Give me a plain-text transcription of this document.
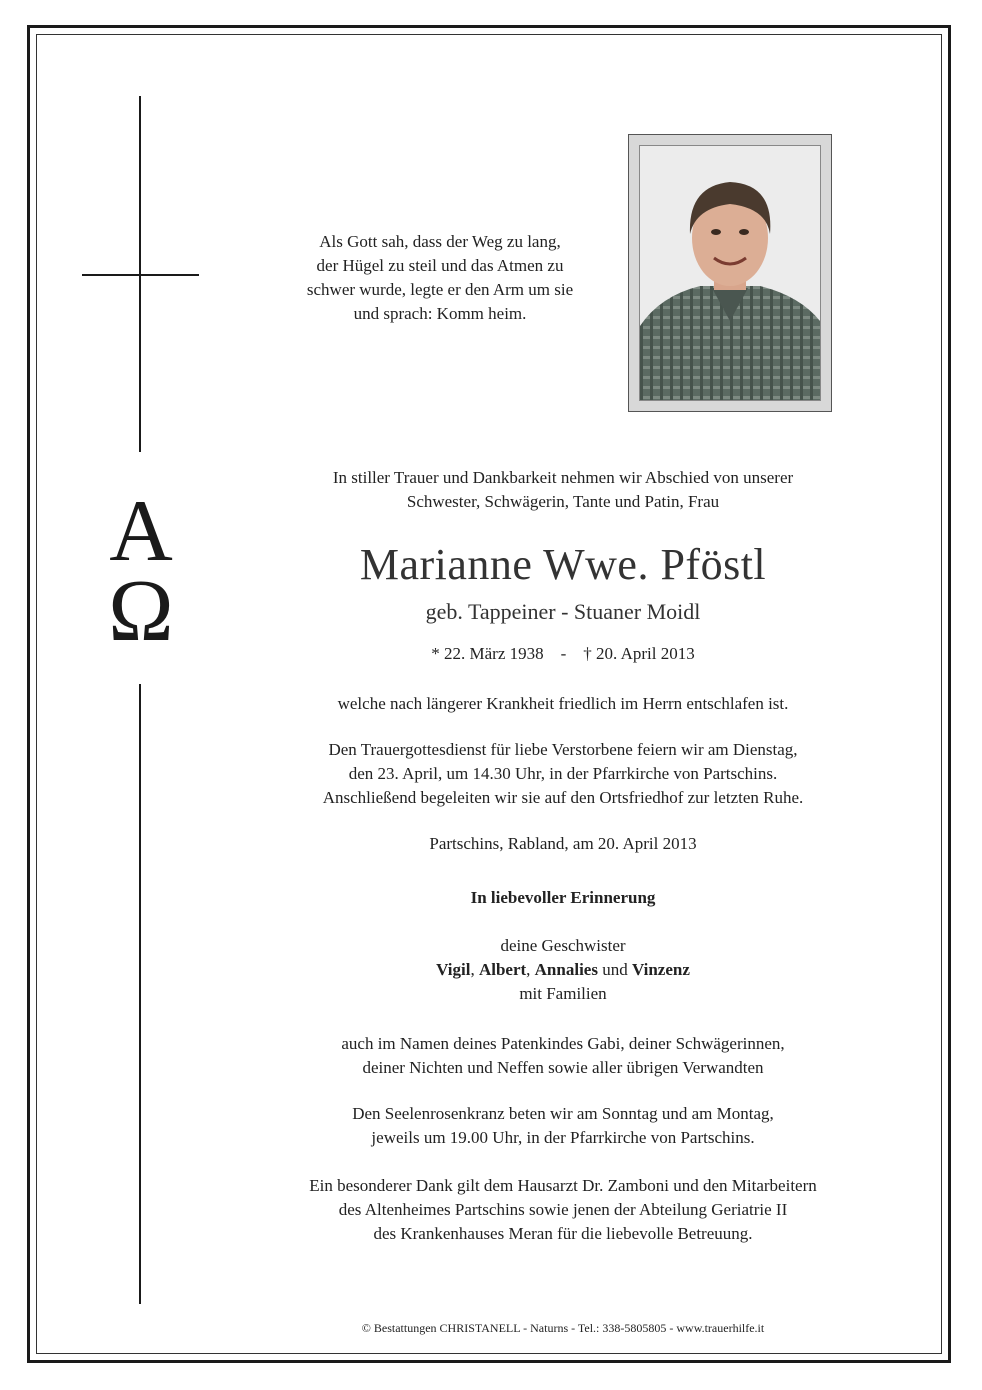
A
Ω

Als Gott sah, dass der Weg zu lang,

der Hügel zu steil und das Atmen zu

schwer wurde, legte er den Arm um sie

und sprach: Komm heim.

In stiller Trauer und Dankbarkeit nehmen wir Abschied von unserer

Schwester, Schwägerin, Tante und Patin, Frau

Marianne Wwe. Pföstl
geb. Tappeiner - Stuaner Moidl
* 22. März 1938    -    † 20. April 2013
welche nach längerer Krankheit friedlich im Herrn entschlafen ist.

Den Trauergottesdienst für liebe Verstorbene feiern wir am Dienstag,

den 23. April, um 14.30 Uhr, in der Pfarrkirche von Partschins.

Anschließend begeleiten wir sie auf den Ortsfriedhof zur letzten Ruhe.

Partschins, Rabland, am 20. April 2013
In liebevoller Erinnerung

deine Geschwister

Vigil, Albert, Annalies und Vinzenz

mit Familien

auch im Namen deines Patenkindes Gabi, deiner Schwägerinnen,

deiner Nichten und Neffen sowie aller übrigen Verwandten

Den Seelenrosenkranz beten wir am Sonntag und am Montag,

jeweils um 19.00 Uhr, in der Pfarrkirche von Partschins.

Ein besonderer Dank gilt dem Hausarzt Dr. Zamboni und den Mitarbeitern

des Altenheimes Partschins sowie jenen der Abteilung Geriatrie II

des Krankenhauses Meran für die liebevolle Betreuung.

© Bestattungen CHRISTANELL - Naturns - Tel.: 338-5805805 - www.trauerhilfe.it
